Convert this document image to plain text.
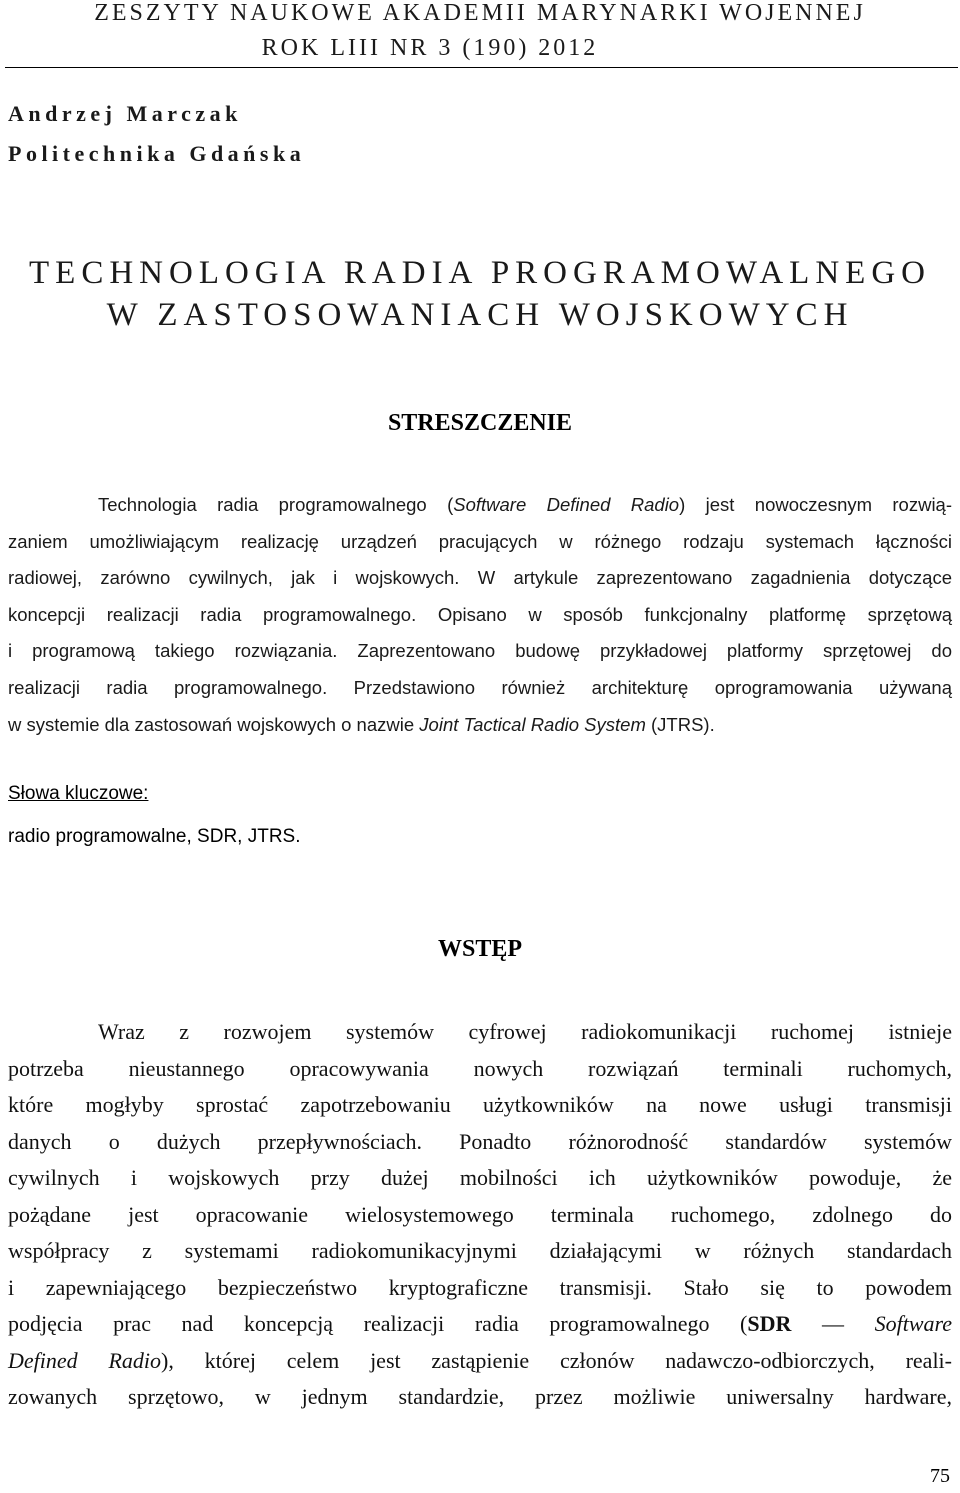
ZESZYTY NAUKOWE AKADEMII MARYNARKI WOJENNEJ
ROK LIII NR 3 (190) 2012
Andrzej Marczak
Politechnika Gdańska
TECHNOLOGIA RADIA PROGRAMOWALNEGO
W ZASTOSOWANIACH WOJSKOWYCH
STRESZCZENIE
Technologia radia programowalnego (Software Defined Radio) jest nowoczesnym rozwią-
zaniem umożliwiającym realizację urządzeń pracujących w różnego rodzaju systemach łączności
radiowej, zarówno cywilnych, jak i wojskowych. W artykule zaprezentowano zagadnienia dotyczące
koncepcji realizacji radia programowalnego. Opisano w sposób funkcjonalny platformę sprzętową
i programową takiego rozwiązania. Zaprezentowano budowę przykładowej platformy sprzętowej do
realizacji radia programowalnego. Przedstawiono również architekturę oprogramowania używaną
w systemie dla zastosowań wojskowych o nazwie Joint Tactical Radio System (JTRS).
Słowa kluczowe:
radio programowalne, SDR, JTRS.
WSTĘP
Wraz z rozwojem systemów cyfrowej radiokomunikacji ruchomej istnieje
potrzeba nieustannego opracowywania nowych rozwiązań terminali ruchomych,
które mogłyby sprostać zapotrzebowaniu użytkowników na nowe usługi transmisji
danych o dużych przepływnościach. Ponadto różnorodność standardów systemów
cywilnych i wojskowych przy dużej mobilności ich użytkowników powoduje, że
pożądane jest opracowanie wielosystemowego terminala ruchomego, zdolnego do
współpracy z systemami radiokomunikacyjnymi działającymi w różnych standardach
i zapewniającego bezpieczeństwo kryptograficzne transmisji. Stało się to powodem
podjęcia prac nad koncepcją realizacji radia programowalnego (SDR — Software
Defined Radio), której celem jest zastąpienie członów nadawczo-odbiorczych, reali-
zowanych sprzętowo, w jednym standardzie, przez możliwie uniwersalny hardware,
75
